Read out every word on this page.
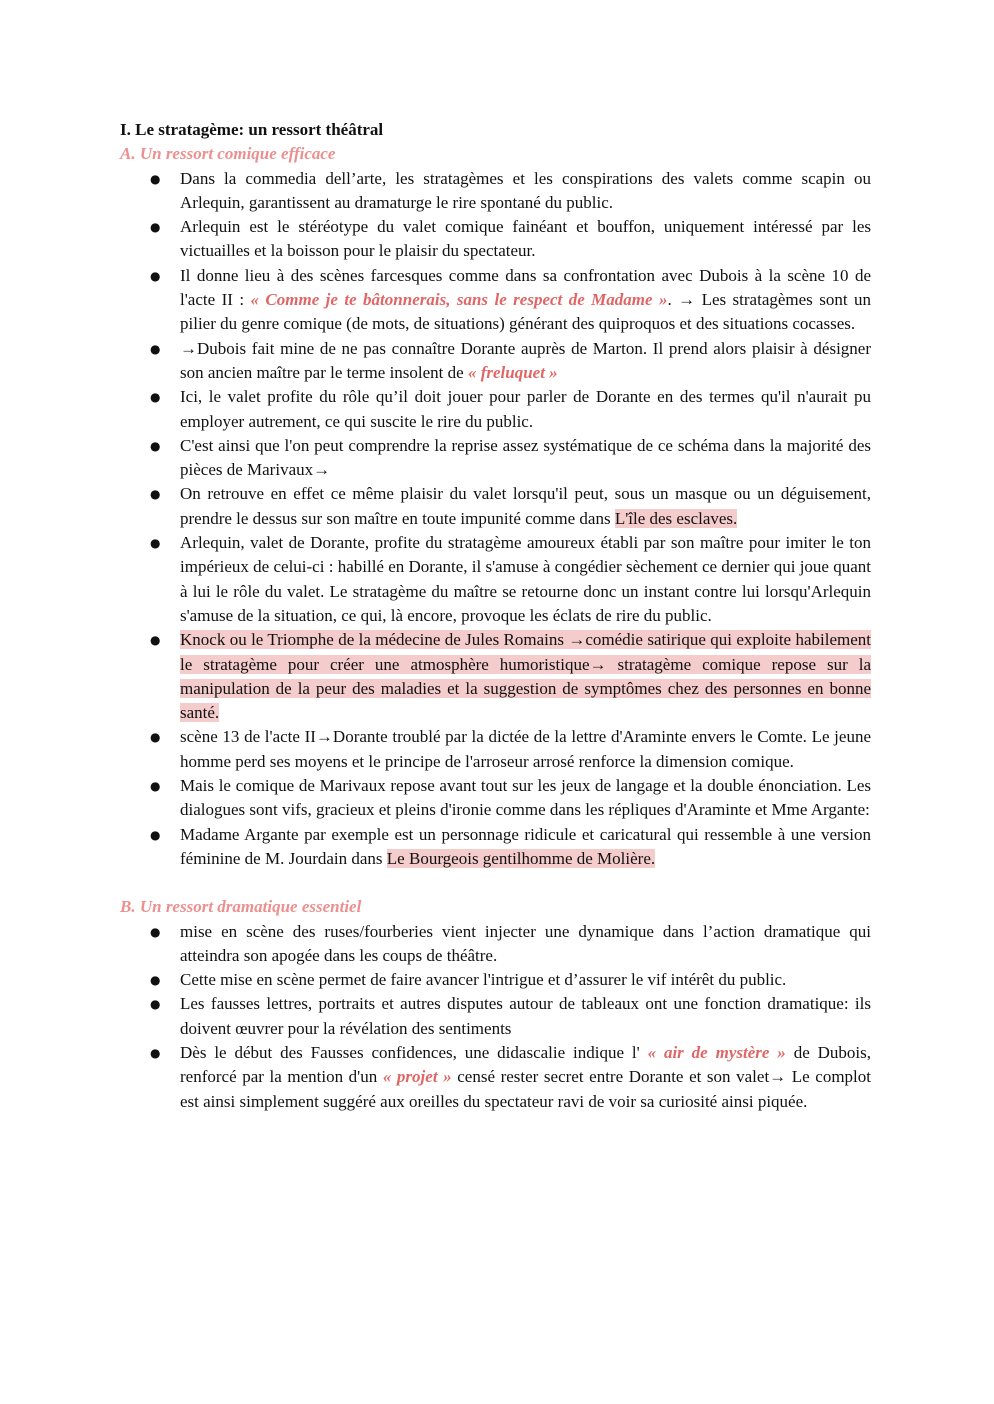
I. Le stratagème: un ressort théâtral
A. Un ressort comique efficace
● Dans la commedia dell’arte, les stratagèmes et les conspirations des valets comme scapin ou Arlequin, garantissent au dramaturge le rire spontané du public.
● Arlequin est le stéréotype du valet comique fainéant et bouffon, uniquement intéressé par les victuailles et la boisson pour le plaisir du spectateur.
● Il donne lieu à des scènes farcesques comme dans sa confrontation avec Dubois à la scène 10 de l'acte II : « Comme je te bâtonnerais, sans le respect de Madame ». → Les stratagèmes sont un pilier du genre comique (de mots, de situations) générant des quiproquos et des situations cocasses.
● →Dubois fait mine de ne pas connaître Dorante auprès de Marton. Il prend alors plaisir à désigner son ancien maître par le terme insolent de « freluquet »
● Ici, le valet profite du rôle qu’il doit jouer pour parler de Dorante en des termes qu'il n'aurait pu employer autrement, ce qui suscite le rire du public.
● C'est ainsi que l'on peut comprendre la reprise assez systématique de ce schéma dans la majorité des pièces de Marivaux→
● On retrouve en effet ce même plaisir du valet lorsqu'il peut, sous un masque ou un déguisement, prendre le dessus sur son maître en toute impunité comme dans L'île des esclaves.
● Arlequin, valet de Dorante, profite du stratagème amoureux établi par son maître pour imiter le ton impérieux de celui-ci : habillé en Dorante, il s'amuse à congédier sèchement ce dernier qui joue quant à lui le rôle du valet. Le stratagème du maître se retourne donc un instant contre lui lorsqu'Arlequin s'amuse de la situation, ce qui, là encore, provoque les éclats de rire du public.
● Knock ou le Triomphe de la médecine de Jules Romains →comédie satirique qui exploite habilement le stratagème pour créer une atmosphère humoristique→ stratagème comique repose sur la manipulation de la peur des maladies et la suggestion de symptômes chez des personnes en bonne santé.
● scène 13 de l'acte II→Dorante troublé par la dictée de la lettre d'Araminte envers le Comte. Le jeune homme perd ses moyens et le principe de l'arroseur arrosé renforce la dimension comique.
● Mais le comique de Marivaux repose avant tout sur les jeux de langage et la double énonciation. Les dialogues sont vifs, gracieux et pleins d'ironie comme dans les répliques d'Araminte et Mme Argante:
● Madame Argante par exemple est un personnage ridicule et caricatural qui ressemble à une version féminine de M. Jourdain dans Le Bourgeois gentilhomme de Molière.
B. Un ressort dramatique essentiel
● mise en scène des ruses/fourberies vient injecter une dynamique dans l’action dramatique qui atteindra son apogée dans les coups de théâtre.
● Cette mise en scène permet de faire avancer l'intrigue et d’assurer le vif intérêt du public.
● Les fausses lettres, portraits et autres disputes autour de tableaux ont une fonction dramatique: ils doivent œuvrer pour la révélation des sentiments
● Dès le début des Fausses confidences, une didascalie indique l' « air de mystère » de Dubois, renforcé par la mention d'un « projet » censé rester secret entre Dorante et son valet→ Le complot est ainsi simplement suggéré aux oreilles du spectateur ravi de voir sa curiosité ainsi piquée.
